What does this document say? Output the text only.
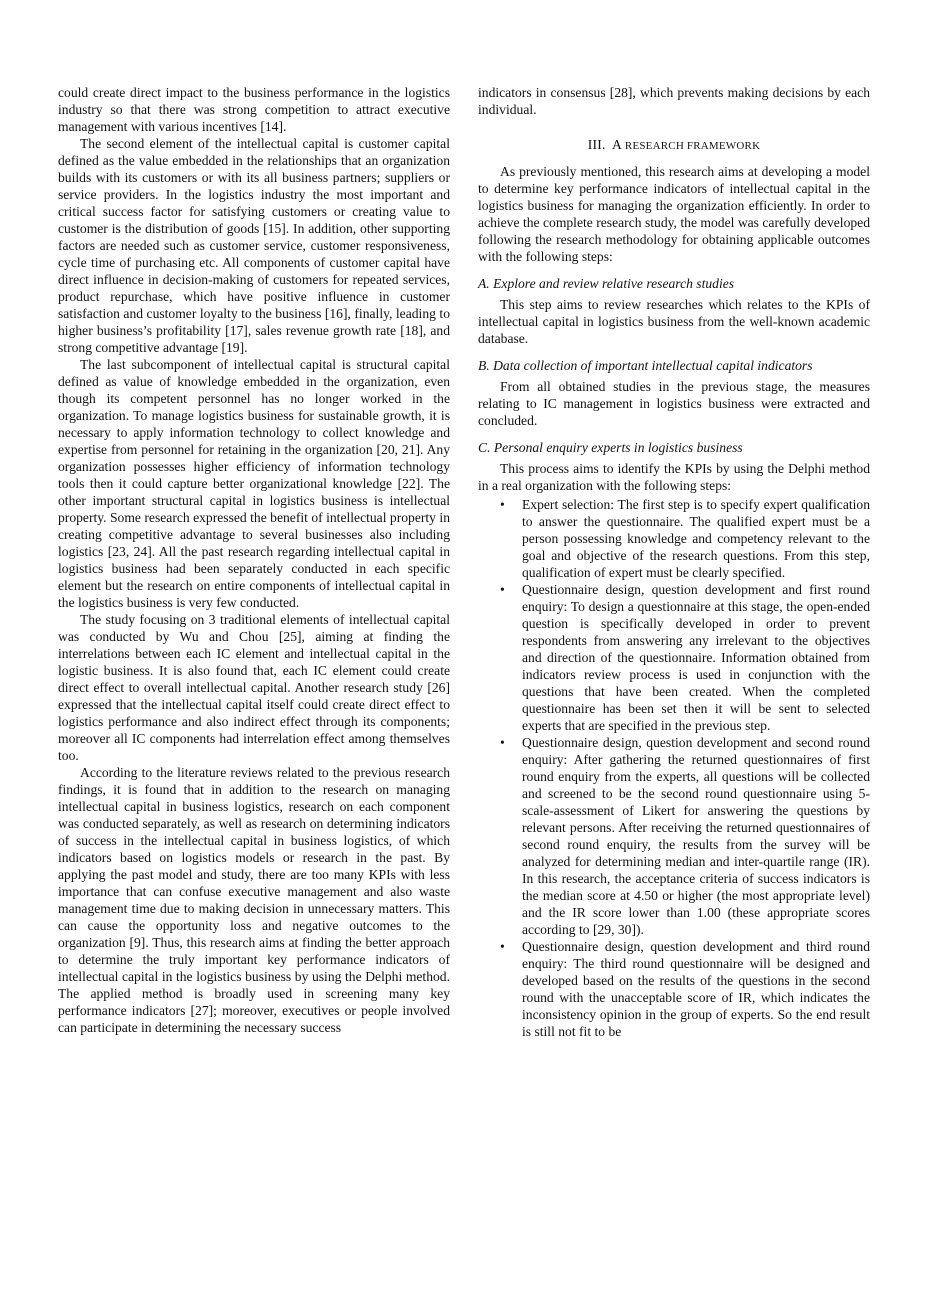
could create direct impact to the business performance in the logistics industry so that there was strong competition to attract executive management with various incentives [14].

The second element of the intellectual capital is customer capital defined as the value embedded in the relationships that an organization builds with its customers or with its all business partners; suppliers or service providers. In the logistics industry the most important and critical success factor for satisfying customers or creating value to customer is the distribution of goods [15]. In addition, other supporting factors are needed such as customer service, customer responsiveness, cycle time of purchasing etc. All components of customer capital have direct influence in decision-making of customers for repeated services, product repurchase, which have positive influence in customer satisfaction and customer loyalty to the business [16], finally, leading to higher business’s profitability [17], sales revenue growth rate [18], and strong competitive advantage [19].

The last subcomponent of intellectual capital is structural capital defined as value of knowledge embedded in the organization, even though its competent personnel has no longer worked in the organization. To manage logistics business for sustainable growth, it is necessary to apply information technology to collect knowledge and expertise from personnel for retaining in the organization [20, 21]. Any organization possesses higher efficiency of information technology tools then it could capture better organizational knowledge [22]. The other important structural capital in logistics business is intellectual property. Some research expressed the benefit of intellectual property in creating competitive advantage to several businesses also including logistics [23, 24]. All the past research regarding intellectual capital in logistics business had been separately conducted in each specific element but the research on entire components of intellectual capital in the logistics business is very few conducted.

The study focusing on 3 traditional elements of intellectual capital was conducted by Wu and Chou [25], aiming at finding the interrelations between each IC element and intellectual capital in the logistic business. It is also found that, each IC element could create direct effect to overall intellectual capital. Another research study [26] expressed that the intellectual capital itself could create direct effect to logistics performance and also indirect effect through its components; moreover all IC components had interrelation effect among themselves too.

According to the literature reviews related to the previous research findings, it is found that in addition to the research on managing intellectual capital in business logistics, research on each component was conducted separately, as well as research on determining indicators of success in the intellectual capital in business logistics, of which indicators based on logistics models or research in the past. By applying the past model and study, there are too many KPIs with less importance that can confuse executive management and also waste management time due to making decision in unnecessary matters. This can cause the opportunity loss and negative outcomes to the organization [9]. Thus, this research aims at finding the better approach to determine the truly important key performance indicators of intellectual capital in the logistics business by using the Delphi method. The applied method is broadly used in screening many key performance indicators [27]; moreover, executives or people involved can participate in determining the necessary success

indicators in consensus [28], which prevents making decisions by each individual.

III. A RESEARCH FRAMEWORK

As previously mentioned, this research aims at developing a model to determine key performance indicators of intellectual capital in the logistics business for managing the organization efficiently. In order to achieve the complete research study, the model was carefully developed following the research methodology for obtaining applicable outcomes with the following steps:

A. Explore and review relative research studies

This step aims to review researches which relates to the KPIs of intellectual capital in logistics business from the well-known academic database.

B. Data collection of important intellectual capital indicators

From all obtained studies in the previous stage, the measures relating to IC management in logistics business were extracted and concluded.

C. Personal enquiry experts in logistics business

This process aims to identify the KPIs by using the Delphi method in a real organization with the following steps:

• Expert selection: The first step is to specify expert qualification to answer the questionnaire. The qualified expert must be a person possessing knowledge and competency relevant to the goal and objective of the research questions. From this step, qualification of expert must be clearly specified.
• Questionnaire design, question development and first round enquiry: To design a questionnaire at this stage, the open-ended question is specifically developed in order to prevent respondents from answering any irrelevant to the objectives and direction of the questionnaire. Information obtained from indicators review process is used in conjunction with the questions that have been created. When the completed questionnaire has been set then it will be sent to selected experts that are specified in the previous step.
• Questionnaire design, question development and second round enquiry: After gathering the returned questionnaires of first round enquiry from the experts, all questions will be collected and screened to be the second round questionnaire using 5-scale-assessment of Likert for answering the questions by relevant persons. After receiving the returned questionnaires of second round enquiry, the results from the survey will be analyzed for determining median and inter-quartile range (IR). In this research, the acceptance criteria of success indicators is the median score at 4.50 or higher (the most appropriate level) and the IR score lower than 1.00 (these appropriate scores according to [29, 30]).
• Questionnaire design, question development and third round enquiry: The third round questionnaire will be designed and developed based on the results of the questions in the second round with the unacceptable score of IR, which indicates the inconsistency opinion in the group of experts. So the end result is still not fit to be
